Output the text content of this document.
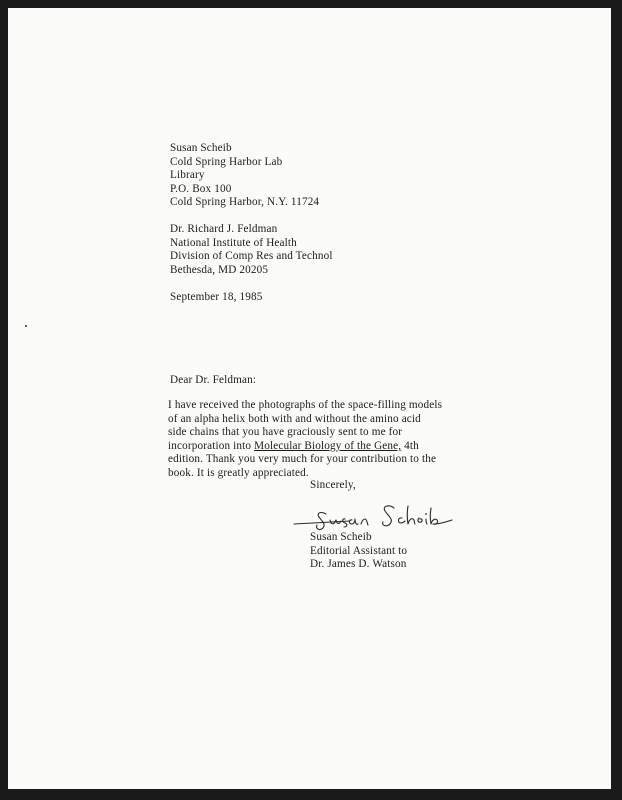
Susan Scheib
Cold Spring Harbor Lab
Library
P.O. Box 100
Cold Spring Harbor, N.Y. 11724
Dr. Richard J. Feldman
National Institute of Health
Division of Comp Res and Technol
Bethesda, MD 20205
September 18, 1985
Dear Dr. Feldman:
I have received the photographs of the space-filling models
of an alpha helix both with and without the amino acid
side chains that you have graciously sent to me for
incorporation into Molecular Biology of the Gene, 4th
edition. Thank you very much for your contribution to the
book. It is greatly appreciated.
Sincerely,
Susan Scheib
Editorial Assistant to
Dr. James D. Watson
